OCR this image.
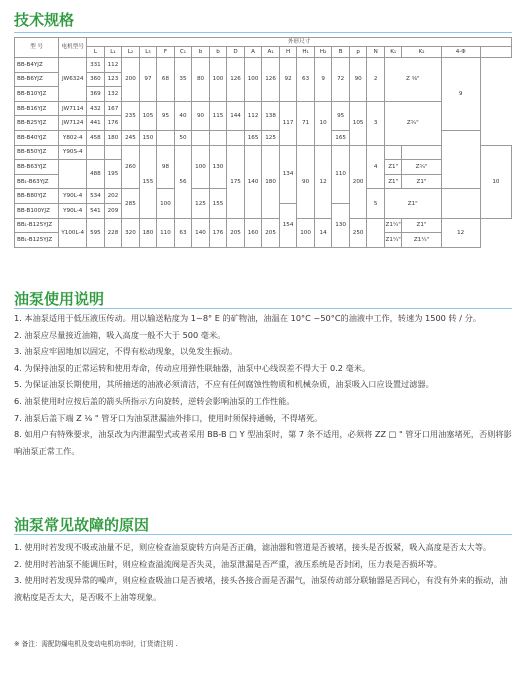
技术规格
型 号	电机型号	外形尺寸																				
		L	L₁	L₂	L₃	F	C₁	b	b	D	A	A₁	H	H₁	H₂	B	p	N	K₁	K₂	4-Φ	
BB-B4YJZ	JW6324	331	112	200	97	68	35	80	100	126	100	126	92	63	9	72	90	2	Z ⅜"		9	
BB-B6YJZ		360	123																			
BB-B10YJZ		369	132																			
BB-B16YJZ	JW7114	432	167	235	105	95	40	90	115	144	112	138	117	71	10	95	105	3	Z¾"			
BB-B25YJZ	JW7124	441	176																			
BB-B40YJZ	Y802-4	458	180	245	150		50				165	125				165						
BB-B50YJZ	Y90S-4			260	155	98	56	100	130	175	140	180	134	90	12	110	200	4				10
BB-B63YJZ		488	195																Z1"	Z¾"		
BB₁-B63YJZ																			Z1"	Z1"		
BB-B80YJZ	Y90L-4	534	202	285		100		125	155									5	Z1"			
BB-B100YJZ	Y90L-4	541	209										154			130						
BB₁-B125YJZ	Y100L-4	595	228	320	180	110	63	140	176	205	160	205		100	14		250		Z1¼"	Z1"	12	
BB₁-B125YJZ																			Z1¼"	Z1¼"		
油泵使用说明

1. 本油泵适用于低压液压传动。用以输送粘度为 1~8° E 的矿物油，油温在 10°C ~50°C的油液中工作，转速为 1500 转 / 分。

2. 油泵应尽量接近油箱，吸入高度一般不大于 500 毫米。

3. 油泵应牢固地加以固定，不得有松动现象，以免发生振动。

4. 为保持油泵的正常运转和使用寿命，传动应用弹性联轴器，油泵中心线误差不得大于 0.2 毫米。

5. 为保证油泵长期使用，其所抽送的油液必须清洁，不应有任何腐蚀性物质和机械杂质，油泵吸入口应设置过滤器。

6. 油泵使用时应按后盖的箭头所指示方向旋转，逆转会影响油泵的工作性能。

7. 油泵后盖下端 Z ⅛ " 管牙口为油泵泄漏油外排口，使用时须保持通畅，不得堵死。

8. 如用户有特殊要求，油泵改为内泄漏型式或者采用 BB-B □ Y 型油泵时，第 7 条不适用，必须将 ZZ □ " 管牙口用油塞堵死，否则将影响油泵正常工作。

油泵常见故障的原因

1. 使用时若发现不吸或油量不足，则应检查油泵旋转方向是否正确，滤油器和管道是否被堵，接头是否扳紧，吸入高度是否太大等。

2. 使用时若油泵不能调压时，则应检查溢流阀是否失灵，油泵泄漏是否严重，液压系统是否封闭，压力表是否损坏等。

3. 使用时若发现异常的噪声，则应检查吸油口是否被堵，接头各接合面是否漏气，油泵传动部分联轴器是否同心，有没有外来的振动，油液粘度是否太大，是否吸不上油等现象。

※ 备注：需配防爆电机及变动电机功率时，订货请注明 .
